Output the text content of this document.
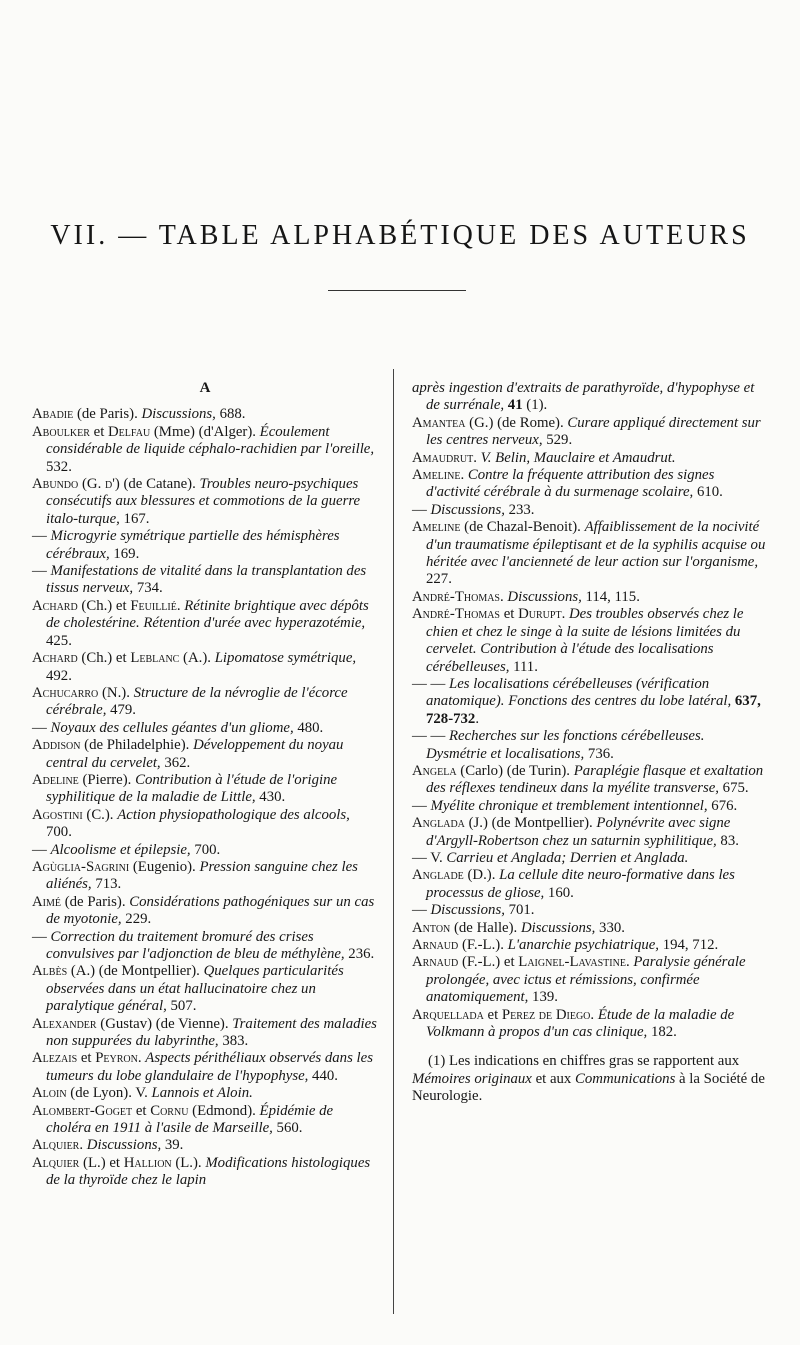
VII. — TABLE ALPHABÉTIQUE DES AUTEURS
A

Abadie (de Paris). Discussions, 688.

Aboulker et Delfau (Mme) (d'Alger). Écoulement considérable de liquide céphalo-rachidien par l'oreille, 532.

Abundo (G. d') (de Catane). Troubles neuro-psychiques consécutifs aux blessures et commotions de la guerre italo-turque, 167.

— Microgyrie symétrique partielle des hémisphères cérébraux, 169.

— Manifestations de vitalité dans la transplantation des tissus nerveux, 734.

Achard (Ch.) et Feuillié. Rétinite brightique avec dépôts de cholestérine. Rétention d'urée avec hyperazotémie, 425.

Achard (Ch.) et Leblanc (A.). Lipomatose symétrique, 492.

Achucarro (N.). Structure de la névroglie de l'écorce cérébrale, 479.

— Noyaux des cellules géantes d'un gliome, 480.

Addison (de Philadelphie). Développement du noyau central du cervelet, 362.

Adeline (Pierre). Contribution à l'étude de l'origine syphilitique de la maladie de Little, 430.

Agostini (C.). Action physiopathologique des alcools, 700.

— Alcoolisme et épilepsie, 700.

Agùglia-Sagrini (Eugenio). Pression sanguine chez les aliénés, 713.

Aimé (de Paris). Considérations pathogéniques sur un cas de myotonie, 229.

— Correction du traitement bromuré des crises convulsives par l'adjonction de bleu de méthylène, 236.

Albès (A.) (de Montpellier). Quelques particularités observées dans un état hallucinatoire chez un paralytique général, 507.

Alexander (Gustav) (de Vienne). Traitement des maladies non suppurées du labyrinthe, 383.

Alezais et Peyron. Aspects périthéliaux observés dans les tumeurs du lobe glandulaire de l'hypophyse, 440.

Aloin (de Lyon). V. Lannois et Aloin.

Alombert-Goget et Cornu (Edmond). Épidémie de choléra en 1911 à l'asile de Marseille, 560.

Alquier. Discussions, 39.

Alquier (L.) et Hallion (L.). Modifications histologiques de la thyroïde chez le lapin

après ingestion d'extraits de parathyroïde, d'hypophyse et de surrénale, 41 (1).

Amantea (G.) (de Rome). Curare appliqué directement sur les centres nerveux, 529.

Amaudrut. V. Belin, Mauclaire et Amaudrut.

Ameline. Contre la fréquente attribution des signes d'activité cérébrale à du surmenage scolaire, 610.

— Discussions, 233.

Ameline (de Chazal-Benoit). Affaiblissement de la nocivité d'un traumatisme épileptisant et de la syphilis acquise ou héritée avec l'ancienneté de leur action sur l'organisme, 227.

André-Thomas. Discussions, 114, 115.

André-Thomas et Durupt. Des troubles observés chez le chien et chez le singe à la suite de lésions limitées du cervelet. Contribution à l'étude des localisations cérébelleuses, 111.

— — Les localisations cérébelleuses (vérification anatomique). Fonctions des centres du lobe latéral, 637, 728-732.

— — Recherches sur les fonctions cérébelleuses. Dysmétrie et localisations, 736.

Angela (Carlo) (de Turin). Paraplégie flasque et exaltation des réflexes tendineux dans la myélite transverse, 675.

— Myélite chronique et tremblement intentionnel, 676.

Anglada (J.) (de Montpellier). Polynévrite avec signe d'Argyll-Robertson chez un saturnin syphilitique, 83.

— V. Carrieu et Anglada; Derrien et Anglada.

Anglade (D.). La cellule dite neuro-formative dans les processus de gliose, 160.

— Discussions, 701.

Anton (de Halle). Discussions, 330.

Arnaud (F.-L.). L'anarchie psychiatrique, 194, 712.

Arnaud (F.-L.) et Laignel-Lavastine. Paralysie générale prolongée, avec ictus et rémissions, confirmée anatomiquement, 139.

Arquellada et Perez de Diego. Étude de la maladie de Volkmann à propos d'un cas clinique, 182.

(1) Les indications en chiffres gras se rapportent aux Mémoires originaux et aux Communications à la Société de Neurologie.
